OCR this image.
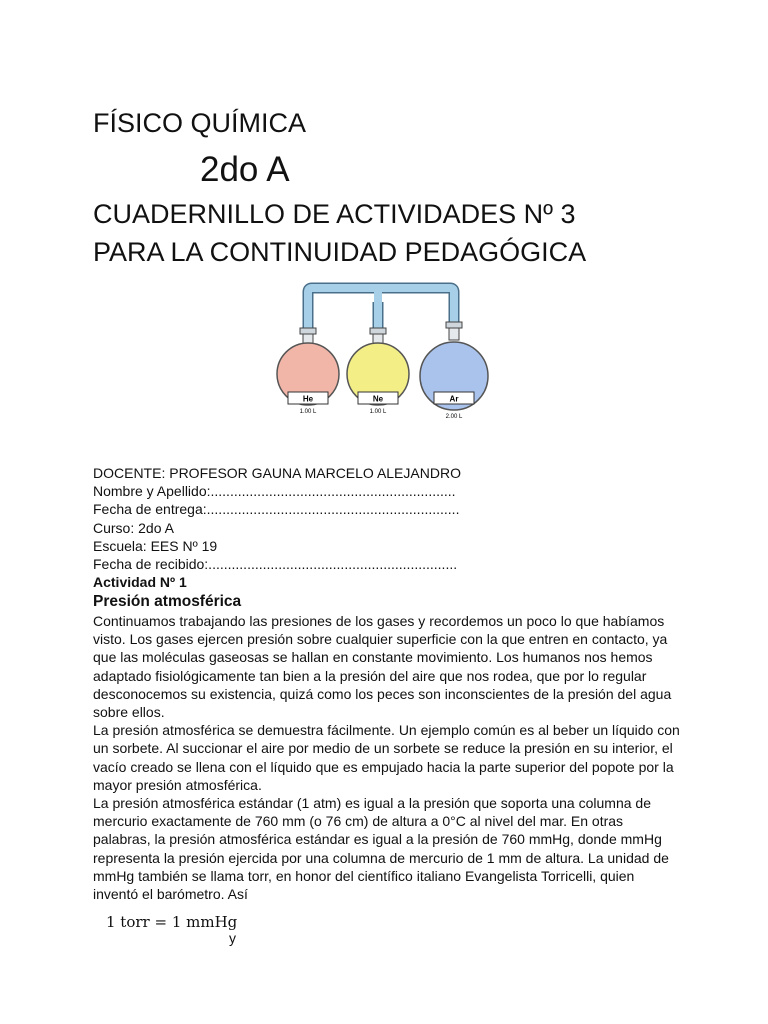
FÍSICO QUÍMICA
2do A
CUADERNILLO DE ACTIVIDADES Nº 3
PARA LA CONTINUIDAD PEDAGÓGICA
He
1.00 L
Ne
1.00 L
Ar
2.00 L
DOCENTE: PROFESOR GAUNA MARCELO ALEJANDRO
Nombre y Apellido:...............................................................
Fecha de entrega:.................................................................
Curso: 2do A
Escuela: EES Nº 19
Fecha de recibido:................................................................
Actividad Nº 1
Presión atmosférica

Continuamos trabajando las presiones de los gases y recordemos un poco lo que habíamos visto. Los gases ejercen presión sobre cualquier superficie con la que entren en contacto, ya que las moléculas gaseosas se hallan en constante movimiento. Los humanos nos hemos adaptado fisiológicamente tan bien a la presión del aire que nos rodea, que por lo regular desconocemos su existencia, quizá como los peces son inconscientes de la presión del agua sobre ellos.

La presión atmosférica se demuestra fácilmente. Un ejemplo común es al beber un líquido con un sorbete. Al succionar el aire por medio de un sorbete se reduce la presión en su interior, el vacío creado se llena con el líquido que es empujado hacia la parte superior del popote por la mayor presión atmosférica.

La presión atmosférica estándar (1 atm) es igual a la presión que soporta una columna de mercurio exactamente de 760 mm (o 76 cm) de altura a 0°C al nivel del mar. En otras palabras, la presión atmosférica estándar es igual a la presión de 760 mmHg, donde mmHg representa la presión ejercida por una columna de mercurio de 1 mm de altura. La unidad de mmHg también se llama torr, en honor del científico italiano Evangelista Torricelli, quien inventó el barómetro. Así

1 torr = 1 mmHg
y
